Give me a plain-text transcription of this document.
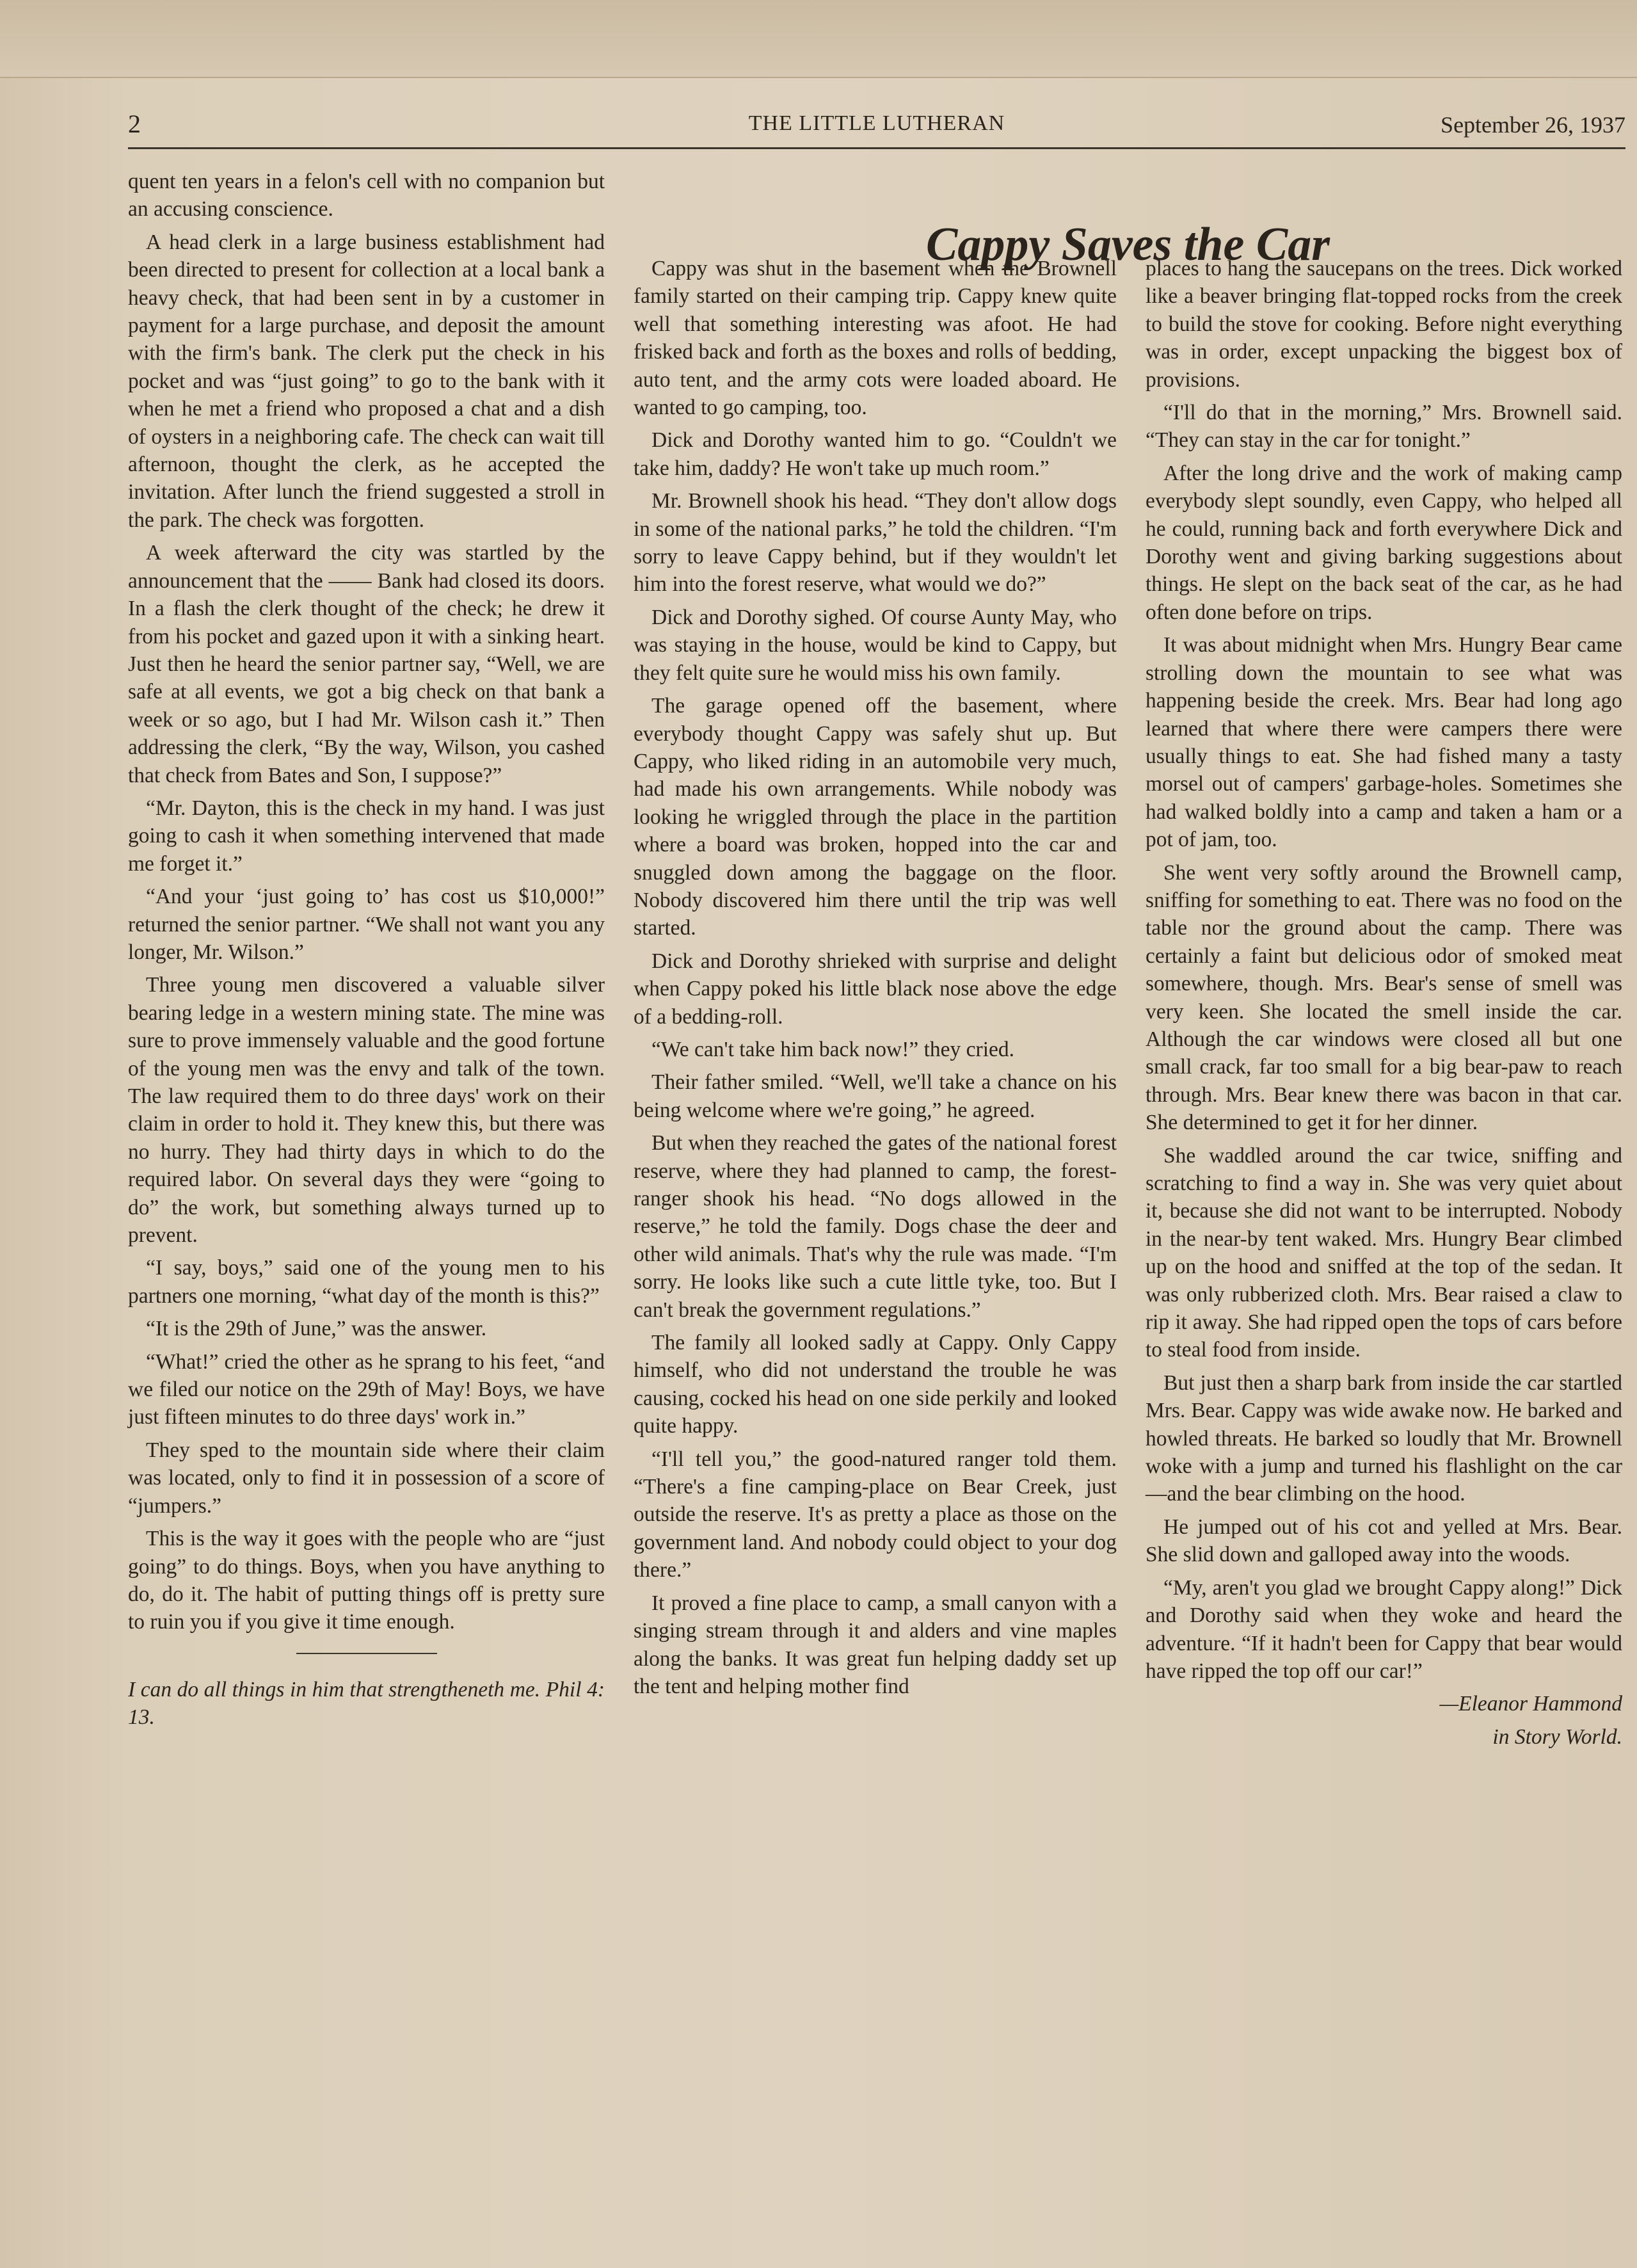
2	THE LITTLE LUTHERAN	September 26, 1937

quent ten years in a felon's cell with no companion but an accusing conscience.

A head clerk in a large business establishment had been directed to present for collection at a local bank a heavy check, that had been sent in by a customer in payment for a large purchase, and deposit the amount with the firm's bank. The clerk put the check in his pocket and was “just going” to go to the bank with it when he met a friend who proposed a chat and a dish of oysters in a neighboring cafe. The check can wait till afternoon, thought the clerk, as he accepted the invitation. After lunch the friend suggested a stroll in the park. The check was forgotten.

A week afterward the city was startled by the announcement that the —— Bank had closed its doors. In a flash the clerk thought of the check; he drew it from his pocket and gazed upon it with a sinking heart. Just then he heard the senior partner say, “Well, we are safe at all events, we got a big check on that bank a week or so ago, but I had Mr. Wilson cash it.” Then addressing the clerk, “By the way, Wilson, you cashed that check from Bates and Son, I suppose?”

“Mr. Dayton, this is the check in my hand. I was just going to cash it when something intervened that made me forget it.”

“And your ‘just going to’ has cost us $10,000!” returned the senior partner. “We shall not want you any longer, Mr. Wilson.”

Three young men discovered a valuable silver bearing ledge in a western mining state. The mine was sure to prove immensely valuable and the good fortune of the young men was the envy and talk of the town. The law required them to do three days' work on their claim in order to hold it. They knew this, but there was no hurry. They had thirty days in which to do the required labor. On several days they were “going to do” the work, but something always turned up to prevent.

“I say, boys,” said one of the young men to his partners one morning, “what day of the month is this?”

“It is the 29th of June,” was the answer.

“What!” cried the other as he sprang to his feet, “and we filed our notice on the 29th of May! Boys, we have just fifteen minutes to do three days' work in.”

They sped to the mountain side where their claim was located, only to find it in possession of a score of “jumpers.”

This is the way it goes with the people who are “just going” to do things. Boys, when you have anything to do, do it. The habit of putting things off is pretty sure to ruin you if you give it time enough.

I can do all things in him that strengtheneth me. Phil 4: 13.

Cappy Saves the Car

Cappy was shut in the basement when the Brownell family started on their camping trip. Cappy knew quite well that something interesting was afoot. He had frisked back and forth as the boxes and rolls of bedding, auto tent, and the army cots were loaded aboard. He wanted to go camping, too.

Dick and Dorothy wanted him to go. “Couldn't we take him, daddy? He won't take up much room.”

Mr. Brownell shook his head. “They don't allow dogs in some of the national parks,” he told the children. “I'm sorry to leave Cappy behind, but if they wouldn't let him into the forest reserve, what would we do?”

Dick and Dorothy sighed. Of course Aunty May, who was staying in the house, would be kind to Cappy, but they felt quite sure he would miss his own family.

The garage opened off the basement, where everybody thought Cappy was safely shut up. But Cappy, who liked riding in an automobile very much, had made his own arrangements. While nobody was looking he wriggled through the place in the partition where a board was broken, hopped into the car and snuggled down among the baggage on the floor. Nobody discovered him there until the trip was well started.

Dick and Dorothy shrieked with surprise and delight when Cappy poked his little black nose above the edge of a bedding-roll.

“We can't take him back now!” they cried.

Their father smiled. “Well, we'll take a chance on his being welcome where we're going,” he agreed.

But when they reached the gates of the national forest reserve, where they had planned to camp, the forest-ranger shook his head. “No dogs allowed in the reserve,” he told the family. Dogs chase the deer and other wild animals. That's why the rule was made. “I'm sorry. He looks like such a cute little tyke, too. But I can't break the government regulations.”

The family all looked sadly at Cappy. Only Cappy himself, who did not understand the trouble he was causing, cocked his head on one side perkily and looked quite happy.

“I'll tell you,” the good-natured ranger told them. “There's a fine camping-place on Bear Creek, just outside the reserve. It's as pretty a place as those on the government land. And nobody could object to your dog there.”

It proved a fine place to camp, a small canyon with a singing stream through it and alders and vine maples along the banks. It was great fun helping daddy set up the tent and helping mother find

places to hang the saucepans on the trees. Dick worked like a beaver bringing flat-topped rocks from the creek to build the stove for cooking. Before night everything was in order, except unpacking the biggest box of provisions.

“I'll do that in the morning,” Mrs. Brownell said. “They can stay in the car for tonight.”

After the long drive and the work of making camp everybody slept soundly, even Cappy, who helped all he could, running back and forth everywhere Dick and Dorothy went and giving barking suggestions about things. He slept on the back seat of the car, as he had often done before on trips.

It was about midnight when Mrs. Hungry Bear came strolling down the mountain to see what was happening beside the creek. Mrs. Bear had long ago learned that where there were campers there were usually things to eat. She had fished many a tasty morsel out of campers' garbage-holes. Sometimes she had walked boldly into a camp and taken a ham or a pot of jam, too.

She went very softly around the Brownell camp, sniffing for something to eat. There was no food on the table nor the ground about the camp. There was certainly a faint but delicious odor of smoked meat somewhere, though. Mrs. Bear's sense of smell was very keen. She located the smell inside the car. Although the car windows were closed all but one small crack, far too small for a big bear-paw to reach through. Mrs. Bear knew there was bacon in that car. She determined to get it for her dinner.

She waddled around the car twice, sniffing and scratching to find a way in. She was very quiet about it, because she did not want to be interrupted. Nobody in the near-by tent waked. Mrs. Hungry Bear climbed up on the hood and sniffed at the top of the sedan. It was only rubberized cloth. Mrs. Bear raised a claw to rip it away. She had ripped open the tops of cars before to steal food from inside.

But just then a sharp bark from inside the car startled Mrs. Bear. Cappy was wide awake now. He barked and howled threats. He barked so loudly that Mr. Brownell woke with a jump and turned his flashlight on the car—and the bear climbing on the hood.

He jumped out of his cot and yelled at Mrs. Bear. She slid down and galloped away into the woods.

“My, aren't you glad we brought Cappy along!” Dick and Dorothy said when they woke and heard the adventure. “If it hadn't been for Cappy that bear would have ripped the top off our car!”

—Eleanor Hammond

in Story World.
